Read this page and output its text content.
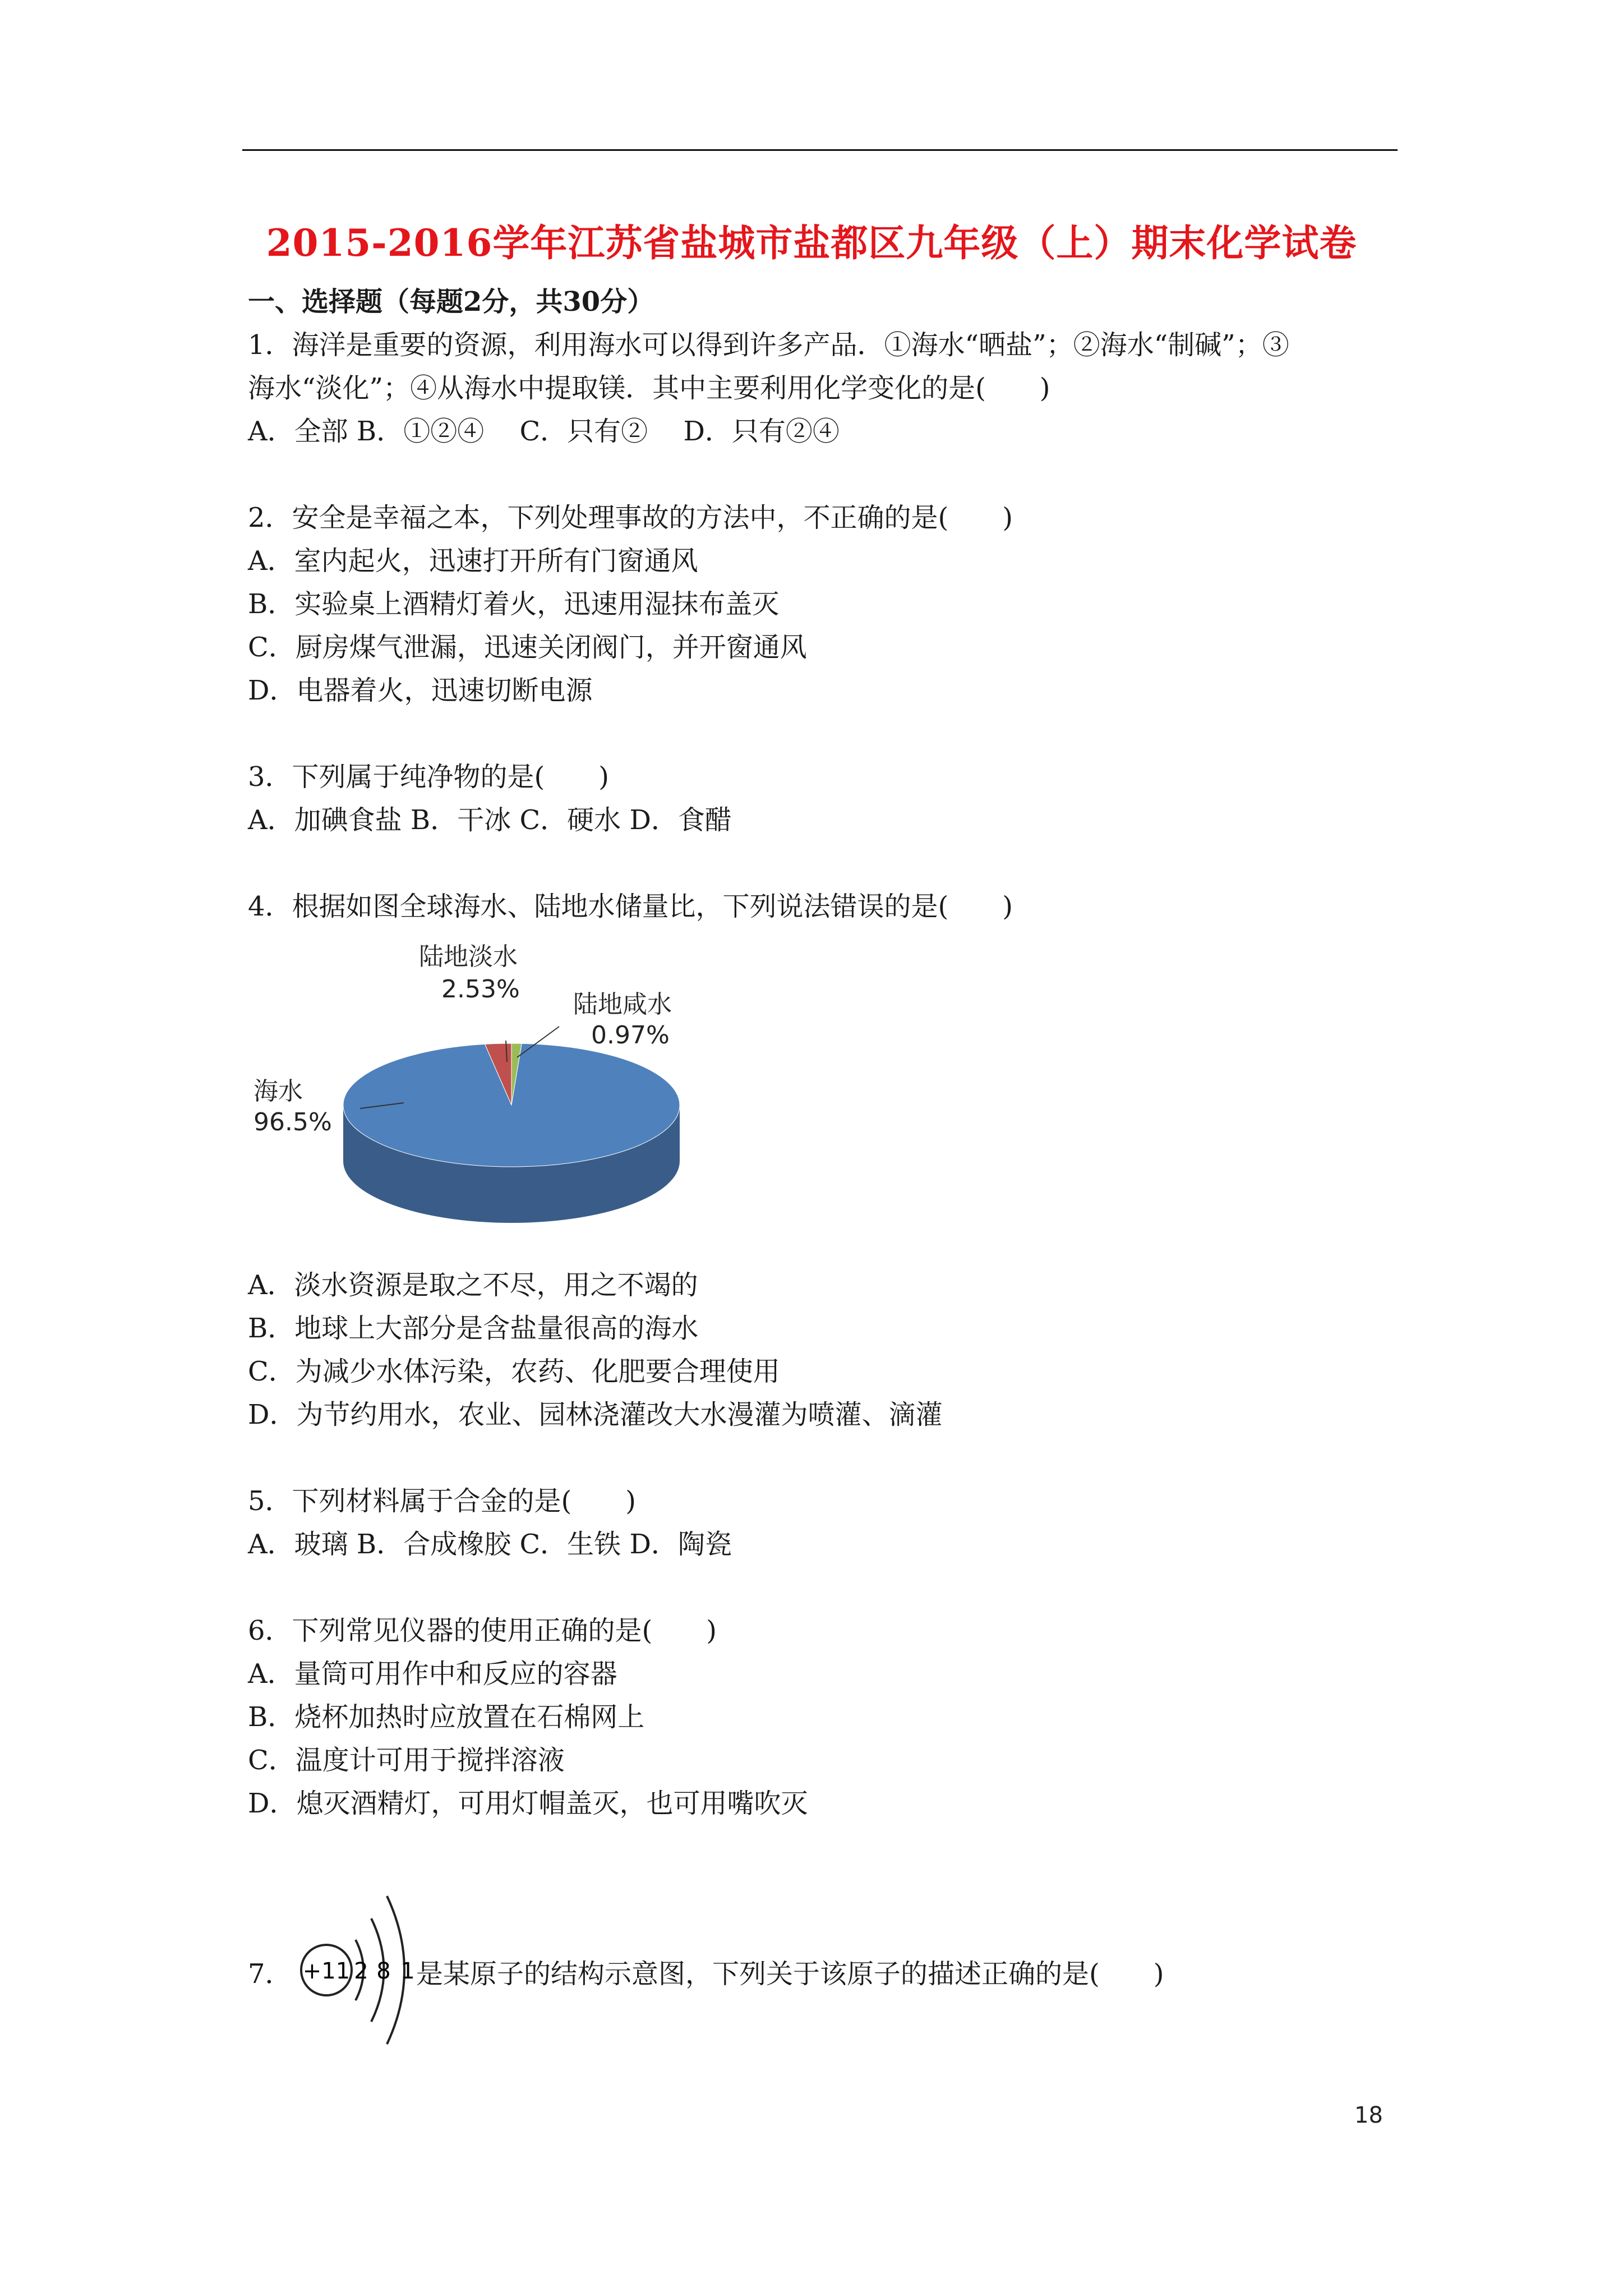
2015-2016学年江苏省盐城市盐都区九年级（上）期末化学试卷

一、选择题（每题2分，共30分）

1．海洋是重要的资源，利用海水可以得到许多产品．①海水“晒盐”；②海水“制碱”；③

海水“淡化”；④从海水中提取镁．其中主要利用化学变化的是(　　)

A．全部 B．①②④　 C．只有②　 D．只有②④

2．安全是幸福之本，下列处理事故的方法中，不正确的是(　　)

A．室内起火，迅速打开所有门窗通风

B．实验桌上酒精灯着火，迅速用湿抹布盖灭

C．厨房煤气泄漏，迅速关闭阀门，并开窗通风

D．电器着火，迅速切断电源

3．下列属于纯净物的是(　　)

A．加碘食盐 B．干冰 C．硬水 D．食醋

4．根据如图全球海水、陆地水储量比，下列说法错误的是(　　)

A．淡水资源是取之不尽，用之不竭的

B．地球上大部分是含盐量很高的海水

C．为减少水体污染，农药、化肥要合理使用

D．为节约用水，农业、园林浇灌改大水漫灌为喷灌、滴灌

5．下列材料属于合金的是(　　)

A．玻璃 B．合成橡胶 C．生铁 D．陶瓷

6．下列常见仪器的使用正确的是(　　)

A．量筒可用作中和反应的容器

B．烧杯加热时应放置在石棉网上

C．温度计可用于搅拌溶液

D．熄灭酒精灯，可用灯帽盖灭，也可用嘴吹灭

海水
96.5%
陆地淡水
2.53%
陆地咸水
0.97%
7． +11 2 8 1 是某原子的结构示意图，下列关于该原子的描述正确的是(　　)
18
